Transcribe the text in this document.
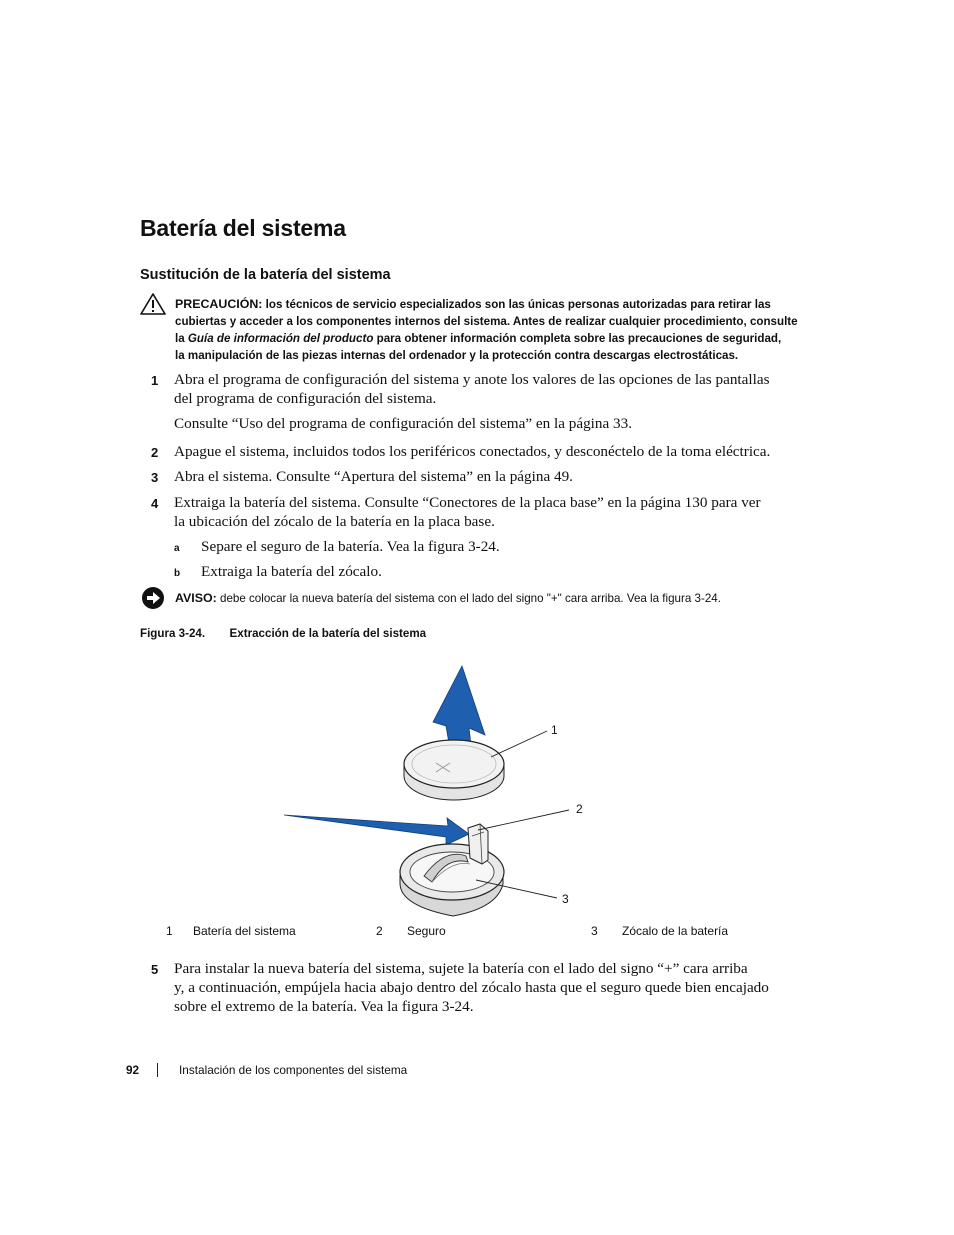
Batería del sistema
Sustitución de la batería del sistema
PRECAUCIÓN: los técnicos de servicio especializados son las únicas personas autorizadas para retirar las
cubiertas y acceder a los componentes internos del sistema. Antes de realizar cualquier procedimiento, consulte
la Guía de información del producto para obtener información completa sobre las precauciones de seguridad,
la manipulación de las piezas internas del ordenador y la protección contra descargas electrostáticas.
1 Abra el programa de configuración del sistema y anote los valores de las opciones de las pantallas
del programa de configuración del sistema.
Consulte “Uso del programa de configuración del sistema” en la página 33.
2 Apague el sistema, incluidos todos los periféricos conectados, y desconéctelo de la toma eléctrica.
3 Abra el sistema. Consulte “Apertura del sistema” en la página 49.
4 Extraiga la batería del sistema. Consulte “Conectores de la placa base” en la página 130 para ver
la ubicación del zócalo de la batería en la placa base.
a Separe el seguro de la batería. Vea la figura 3-24.
b Extraiga la batería del zócalo.
AVISO: debe colocar la nueva batería del sistema con el lado del signo "+" cara arriba. Vea la figura 3-24.
Figura 3-24. Extracción de la batería del sistema
1
2
3
1 Batería del sistema	2 Seguro	3 Zócalo de la batería
5 Para instalar la nueva batería del sistema, sujete la batería con el lado del signo “+” cara arriba
y, a continuación, empújela hacia abajo dentro del zócalo hasta que el seguro quede bien encajado
sobre el extremo de la batería. Vea la figura 3-24.
92	Instalación de los componentes del sistema
